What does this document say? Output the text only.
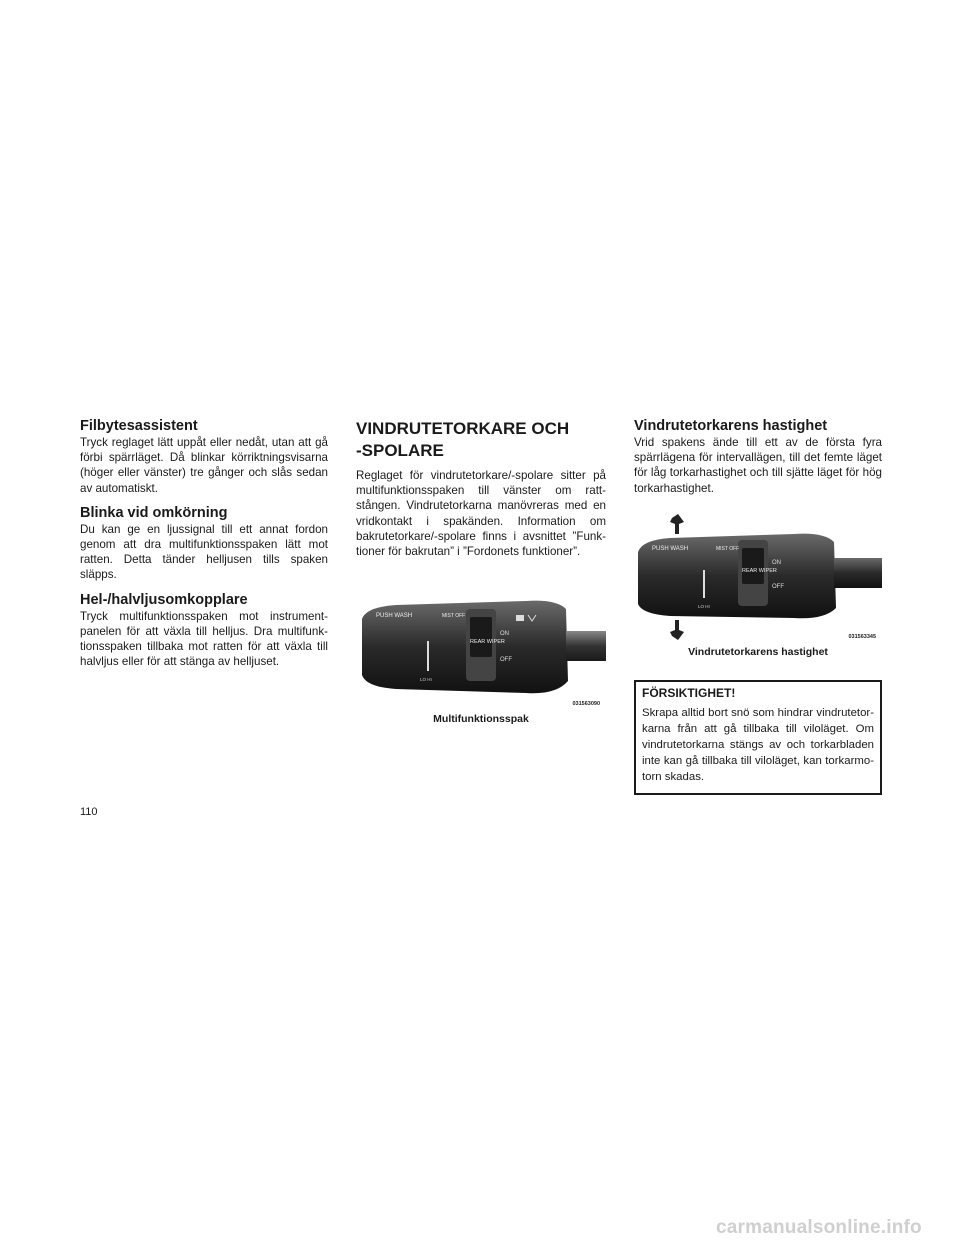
Filbytesassistent

Tryck reglaget lätt uppåt eller nedåt, utan att gå förbi spärrläget. Då blinkar körriktningsvisarna (höger eller vänster) tre gånger och slås sedan av automatiskt.

Blinka vid omkörning

Du kan ge en ljussignal till ett annat fordon genom att dra multifunktionsspaken lätt mot ratten. Detta tänder helljusen tills spaken släpps.

Hel-/halvljusomkopplare

Tryck multifunktionsspaken mot instrument-panelen för att växla till helljus. Dra multifunk-tionsspaken tillbaka mot ratten för att växla till halvljus eller för att stänga av helljuset.

VINDRUTETORKARE OCH
-SPOLARE

Reglaget för vindrutetorkare/-spolare sitter på multifunktionsspaken till vänster om ratt-stången. Vindrutetorkarna manövreras med en vridkontakt i spakänden. Information om bakrutetorkare/-spolare finns i avsnittet ”Funk-tioner för bakrutan” i ”Fordonets funktioner”.

PUSH WASH	MIST OFF
REAR WIPER
ON
OFF
LO HI
031563090
Multifunktionsspak
Vindrutetorkarens hastighet

Vrid spakens ände till ett av de första fyra spärrlägena för intervallägen, till det femte läget för låg torkarhastighet och till sjätte läget för hög torkarhastighet.

PUSH WASH	MIST OFF
REAR WIPER
ON
OFF
LO HI
031563345
Vindrutetorkarens hastighet
FÖRSIKTIGHET!

Skrapa alltid bort snö som hindrar vindrutetor-karna från att gå tillbaka till viloläget. Om vindrutetorkarna stängs av och torkarbladen inte kan gå tillbaka till viloläget, kan torkarmo-torn skadas.

110
carmanualsonline.info
